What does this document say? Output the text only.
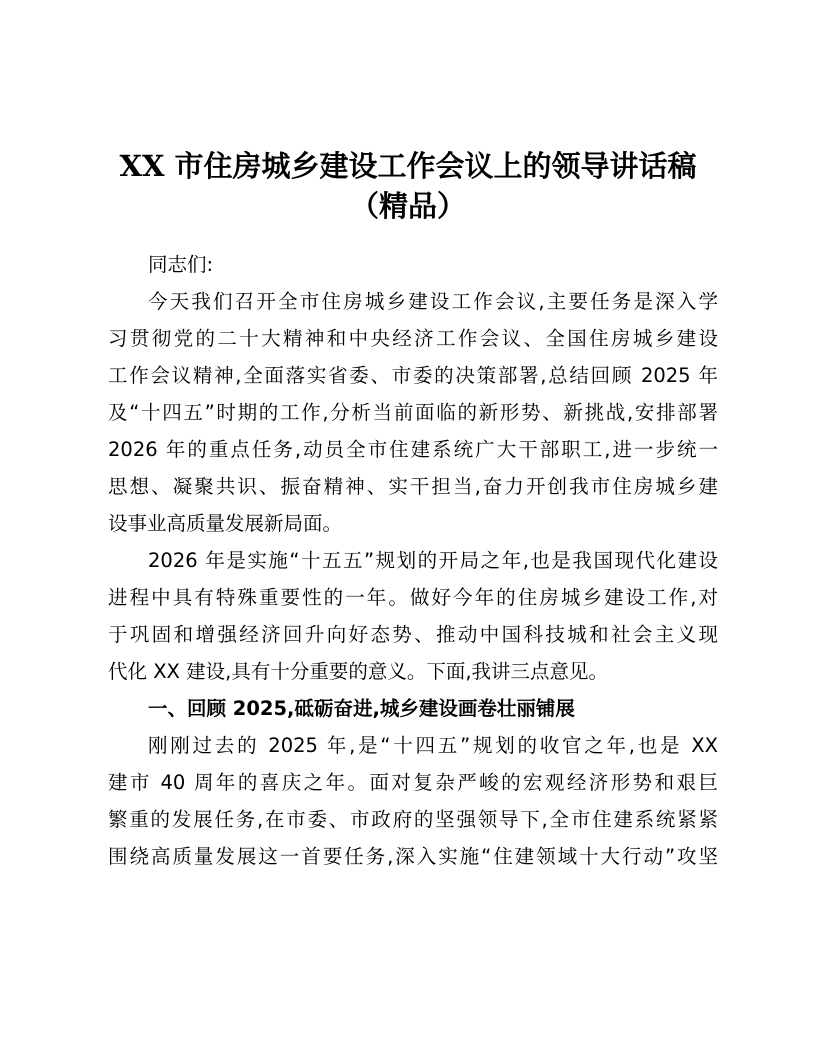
XX 市住房城乡建设工作会议上的领导讲话稿
（精品）
同志们:
今天我们召开全市住房城乡建设工作会议,主要任务是深入学
习贯彻党的二十大精神和中央经济工作会议、全国住房城乡建设
工作会议精神,全面落实省委、市委的决策部署,总结回顾 2025 年
及“十四五”时期的工作,分析当前面临的新形势、新挑战,安排部署
2026 年的重点任务,动员全市住建系统广大干部职工,进一步统一
思想、凝聚共识、振奋精神、实干担当,奋力开创我市住房城乡建
设事业高质量发展新局面。
2026 年是实施“十五五”规划的开局之年,也是我国现代化建设
进程中具有特殊重要性的一年。做好今年的住房城乡建设工作,对
于巩固和增强经济回升向好态势、推动中国科技城和社会主义现
代化 XX 建设,具有十分重要的意义。下面,我讲三点意见。
一、回顾 2025,砥砺奋进,城乡建设画卷壮丽铺展
刚刚过去的 2025 年,是“十四五”规划的收官之年,也是 XX
建市 40 周年的喜庆之年。面对复杂严峻的宏观经济形势和艰巨
繁重的发展任务,在市委、市政府的坚强领导下,全市住建系统紧紧
围绕高质量发展这一首要任务,深入实施“住建领域十大行动”攻坚
